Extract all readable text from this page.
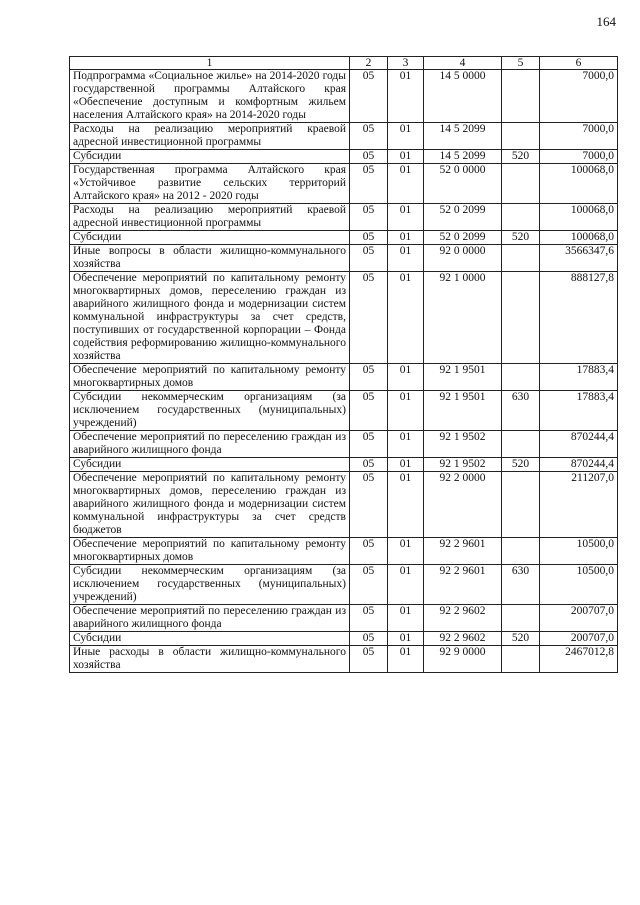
164
1	2	3	4	5	6
Подпрограмма «Социальное жилье» на 2014-2020 годы государственной программы Алтайского края «Обеспечение доступным и комфортным жильем населения Алтайского края» на 2014-2020 годы	05	01	14 5 0000		7000,0
Расходы на реализацию мероприятий краевой адресной инвестиционной программы	05	01	14 5 2099		7000,0
Субсидии	05	01	14 5 2099	520	7000,0
Государственная программа Алтайского края «Устойчивое развитие сельских территорий Алтайского края» на 2012 - 2020 годы	05	01	52 0 0000		100068,0
Расходы на реализацию мероприятий краевой адресной инвестиционной программы	05	01	52 0 2099		100068,0
Субсидии	05	01	52 0 2099	520	100068,0
Иные вопросы в области жилищно-коммунального хозяйства	05	01	92 0 0000		3566347,6
Обеспечение мероприятий по капитальному ремонту многоквартирных домов, переселению граждан из аварийного жилищного фонда и модернизации систем коммунальной инфраструктуры за счет средств, поступивших от государственной корпорации – Фонда содействия реформированию жилищно-коммунального хозяйства	05	01	92 1 0000		888127,8
Обеспечение мероприятий по капитальному ремонту многоквартирных домов	05	01	92 1 9501		17883,4
Субсидии некоммерческим организациям (за исключением государственных (муниципальных) учреждений)	05	01	92 1 9501	630	17883,4
Обеспечение мероприятий по переселению граждан из аварийного жилищного фонда	05	01	92 1 9502		870244,4
Субсидии	05	01	92 1 9502	520	870244,4
Обеспечение мероприятий по капитальному ремонту многоквартирных домов, переселению граждан из аварийного жилищного фонда и модернизации систем коммунальной инфраструктуры за счет средств бюджетов	05	01	92 2 0000		211207,0
Обеспечение мероприятий по капитальному ремонту многоквартирных домов	05	01	92 2 9601		10500,0
Субсидии некоммерческим организациям (за исключением государственных (муниципальных) учреждений)	05	01	92 2 9601	630	10500,0
Обеспечение мероприятий по переселению граждан из аварийного жилищного фонда	05	01	92 2 9602		200707,0
Субсидии	05	01	92 2 9602	520	200707,0
Иные расходы в области жилищно-коммунального хозяйства	05	01	92 9 0000		2467012,8
